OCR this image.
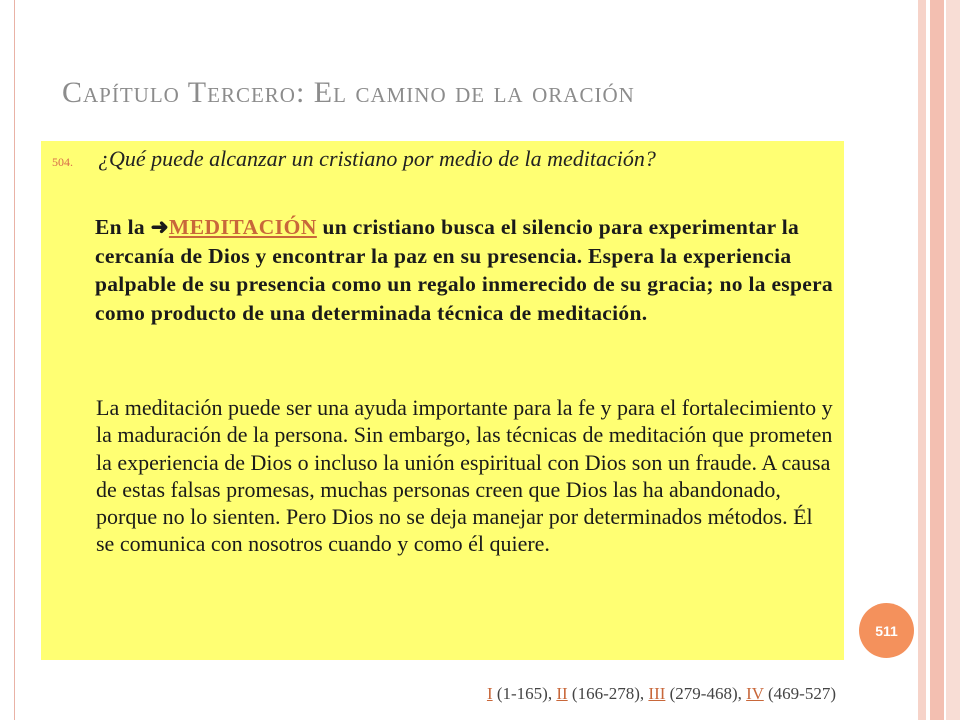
Capítulo Tercero: El camino de la oración
504. ¿Qué puede alcanzar un cristiano por medio de la meditación?
En la ➜MEDITACIÓN un cristiano busca el silencio para experimentar la cercanía de Dios y encontrar la paz en su presencia. Espera la experiencia palpable de su presencia como un regalo inmerecido de su gracia; no la espera como producto de una determinada técnica de meditación.
La meditación puede ser una ayuda importante para la fe y para el fortalecimiento y la maduración de la persona. Sin embargo, las técnicas de meditación que prometen la experiencia de Dios o incluso la unión espiritual con Dios son un fraude. A causa de estas falsas promesas, muchas personas creen que Dios las ha abandonado, porque no lo sienten. Pero Dios no se deja manejar por determinados métodos. Él se comunica con nosotros cuando y como él quiere.
511
I (1-165), II (166-278), III (279-468), IV (469-527)
